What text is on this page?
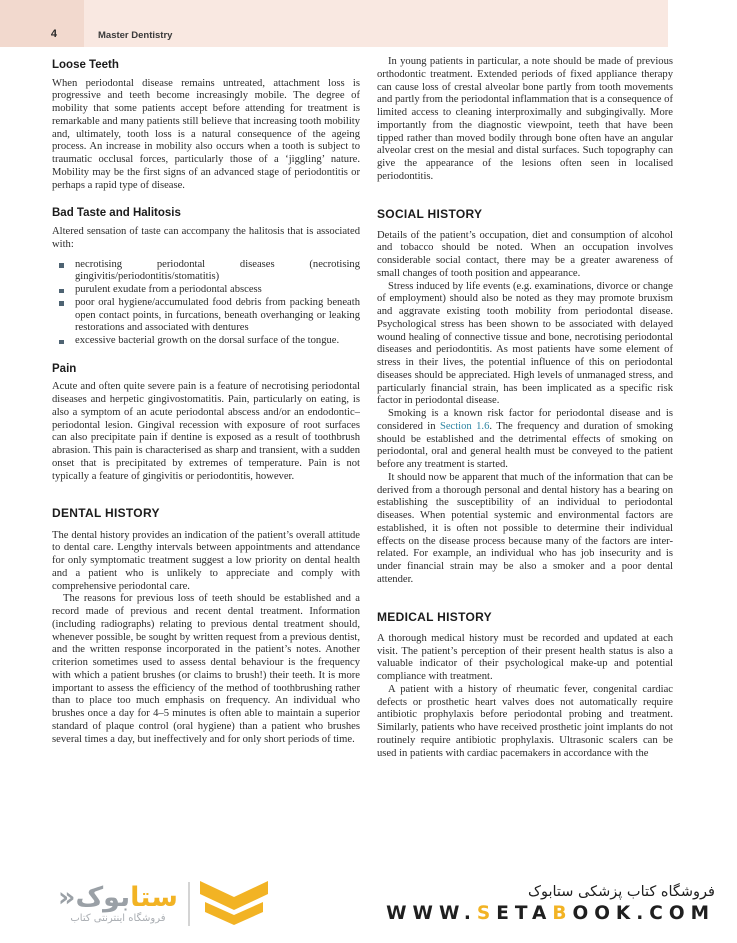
4	Master Dentistry
Loose Teeth

When periodontal disease remains untreated, attachment loss is progressive and teeth become increasingly mobile. The degree of mobility that some patients accept before attending for treatment is remarkable and many patients still believe that increasing tooth mobility and, ultimately, tooth loss is a natural consequence of the ageing process. An increase in mobility also occurs when a tooth is subject to traumatic occlusal forces, particularly those of a ‘jiggling’ nature. Mobility may be the first signs of an advanced stage of periodontitis or perhaps a rapid type of disease.

Bad Taste and Halitosis

Altered sensation of taste can accompany the halitosis that is associated with:

necrotising periodontal diseases (necrotising gingivitis/periodontitis/stomatitis)
purulent exudate from a periodontal abscess
poor oral hygiene/accumulated food debris from packing beneath open contact points, in furcations, beneath overhanging or leaking restorations and associated with dentures
excessive bacterial growth on the dorsal surface of the tongue.
Pain

Acute and often quite severe pain is a feature of necrotising periodontal diseases and herpetic gingivostomatitis. Pain, particularly on eating, is also a symptom of an acute periodontal abscess and/or an endodontic–periodontal lesion. Gingival recession with exposure of root surfaces can also precipitate pain if dentine is exposed as a result of toothbrush abrasion. This pain is characterised as sharp and transient, with a sudden onset that is precipitated by extremes of temperature. Pain is not typically a feature of gingivitis or periodontitis, however.

DENTAL HISTORY

The dental history provides an indication of the patient’s overall attitude to dental care. Lengthy intervals between appointments and attendance for only symptomatic treatment suggest a low priority on dental health and a patient who is unlikely to appreciate and comply with comprehensive periodontal care.

The reasons for previous loss of teeth should be established and a record made of previous and recent dental treatment. Information (including radiographs) relating to previous dental treatment should, whenever possible, be sought by written request from a previous dentist, and the written response incorporated in the patient’s notes. Another criterion sometimes used to assess dental behaviour is the frequency with which a patient brushes (or claims to brush!) their teeth. It is more important to assess the efficiency of the method of toothbrushing rather than to place too much emphasis on frequency. An individual who brushes once a day for 4–5 minutes is often able to maintain a superior standard of plaque control (oral hygiene) than a patient who brushes several times a day, but ineffectively and for only short periods of time.

In young patients in particular, a note should be made of previous orthodontic treatment. Extended periods of fixed appliance therapy can cause loss of crestal alveolar bone partly from tooth movements and partly from the periodontal inflammation that is a consequence of limited access to cleaning interproximally and subgingivally. More importantly from the diagnostic viewpoint, teeth that have been tipped rather than moved bodily through bone often have an angular alveolar crest on the mesial and distal surfaces. Such topography can give the appearance of the lesions often seen in localised periodontitis.

SOCIAL HISTORY

Details of the patient’s occupation, diet and consumption of alcohol and tobacco should be noted. When an occupation involves considerable social contact, there may be a greater awareness of small changes of tooth position and appearance.

Stress induced by life events (e.g. examinations, divorce or change of employment) should also be noted as they may promote bruxism and aggravate existing tooth mobility from periodontal disease. Psychological stress has been shown to be associated with delayed wound healing of connective tissue and bone, necrotising periodontal diseases and periodontitis. As most patients have some element of stress in their lives, the potential influence of this on periodontal diseases should be appreciated. High levels of unmanaged stress, and particularly financial strain, has been implicated as a specific risk factor in periodontal disease.

Smoking is a known risk factor for periodontal disease and is considered in Section 1.6. The frequency and duration of smoking should be established and the detrimental effects of smoking on periodontal, oral and general health must be conveyed to the patient before any treatment is started.

It should now be apparent that much of the information that can be derived from a thorough personal and dental history has a bearing on establishing the susceptibility of an individual to periodontal diseases. When potential systemic and environmental factors are established, it is often not possible to determine their individual effects on the disease process because many of the factors are inter-related. For example, an individual who has job insecurity and is under financial strain may be also a smoker and a poor dental attender.

MEDICAL HISTORY

A thorough medical history must be recorded and updated at each visit. The patient’s perception of their present health status is also a valuable indicator of their psychological make-up and potential compliance with treatment.

A patient with a history of rheumatic fever, congenital cardiac defects or prosthetic heart valves does not automatically require antibiotic prophylaxis before periodontal probing and treatment. Similarly, patients who have received prosthetic joint implants do not routinely require antibiotic prophylaxis. Ultrasonic scalers can be used in patients with cardiac pacemakers in accordance with the

ستابوک«
فروشگاه اینترنتی کتاب
فروشگاه کتاب پزشکی ستابوک
WWW.SETABOOK.COM
